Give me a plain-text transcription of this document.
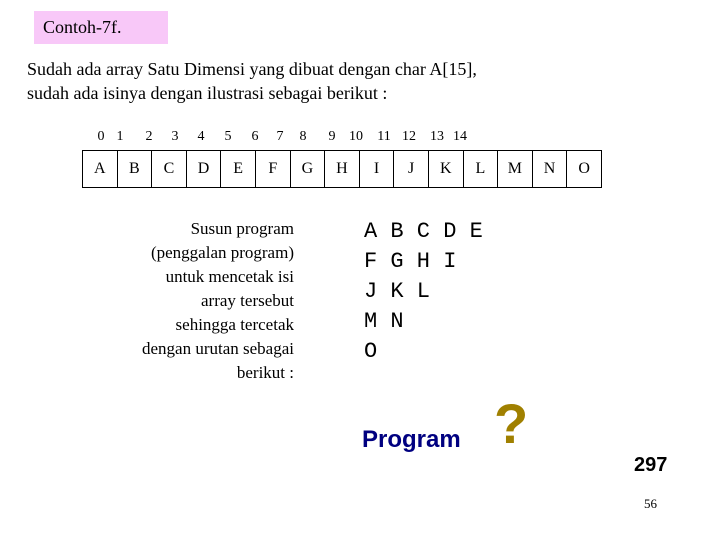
Contoh-7f.

Sudah ada array Satu Dimensi yang dibuat dengan char A[15],

sudah ada isinya dengan ilustrasi sebagai berikut :

0 1 2 3 4 5 6 7 8 9 10 11 12 13 14
A	B	C	D	E	F	G	H	I	J	K	L	M	N	O

Susun program

(penggalan program)

untuk mencetak isi

array tersebut

sehingga tercetak

dengan urutan sebagai

berikut :

A B C D E

F G H I

J K L

M N

O

Program ?
297
56
